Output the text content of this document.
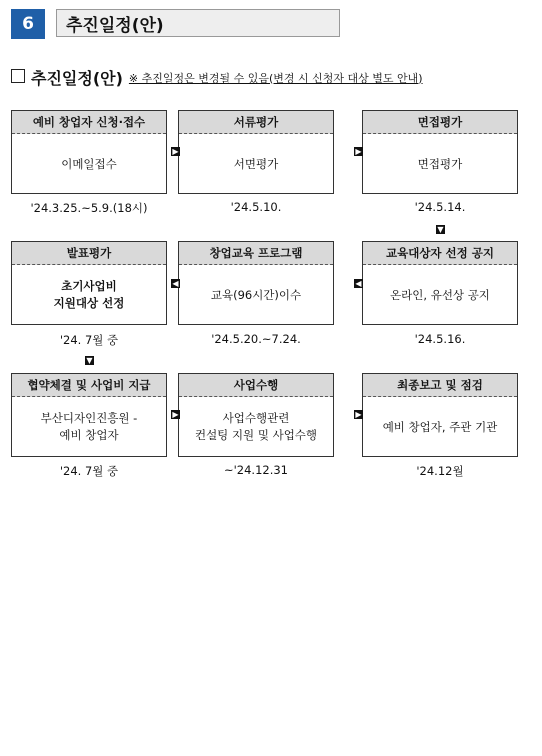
6	추진일정(안)
추진일정(안) ※ 추진일정은 변경될 수 있음(변경 시 신청자 대상 별도 안내)
예비 창업자 신청·접수
이메일접수
'24.3.25.~5.9.(18시)
서류평가
서면평가
'24.5.10.
면접평가
면접평가
'24.5.14.
발표평가
초기사업비
지원대상 선정
'24. 7월 중
창업교육 프로그램
교육(96시간)이수
'24.5.20.~7.24.
교육대상자 선정 공지
온라인, 유선상 공지
'24.5.16.
협약체결 및 사업비 지급
부산디자인진흥원 -
예비 창업자
'24. 7월 중
사업수행
사업수행관련
컨설팅 지원 및 사업수행
~'24.12.31
최종보고 및 점검
예비 창업자, 주관 기관
'24.12월
▶	▶
▼
◀
◀
▼
▶	▶
